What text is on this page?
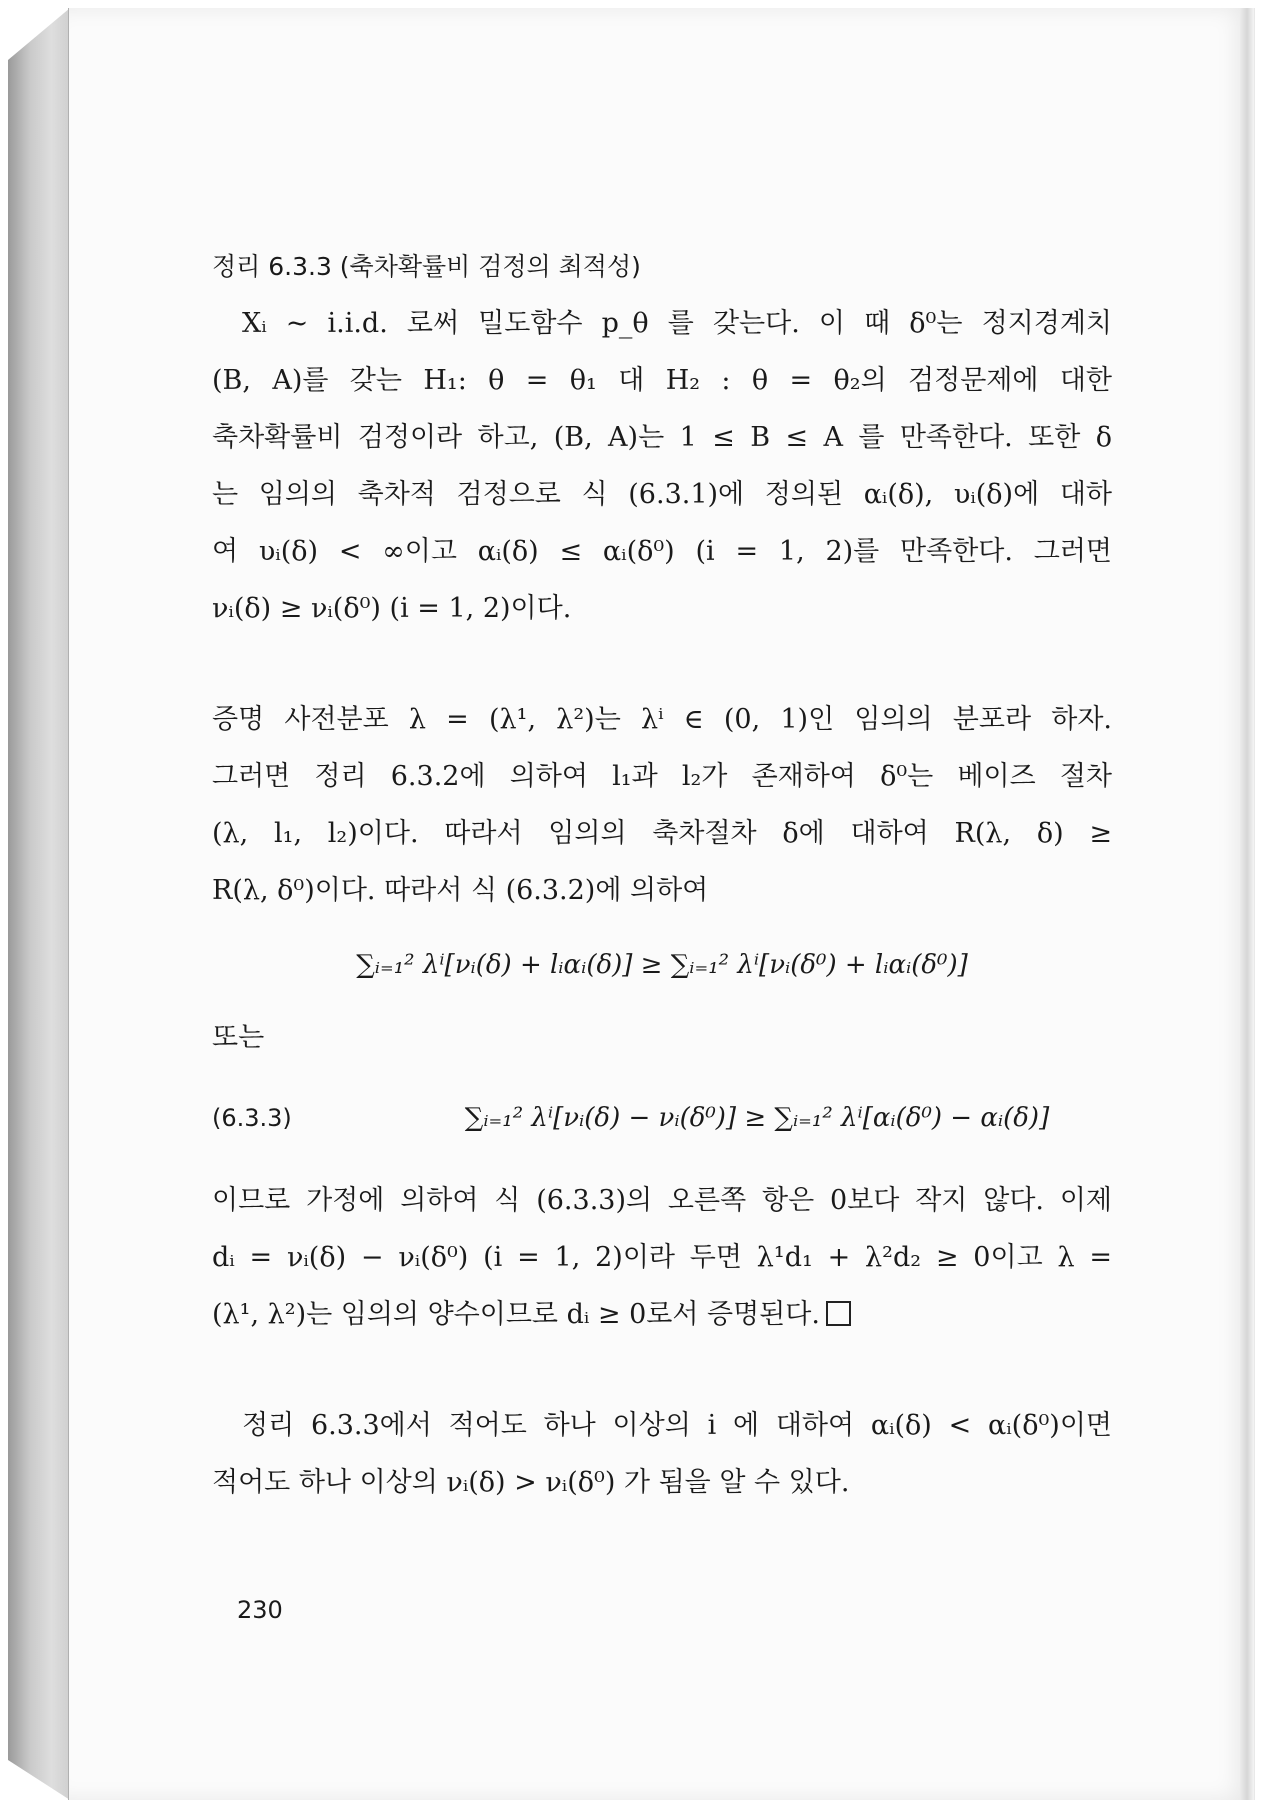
정리 6.3.3 (축차확률비 검정의 최적성)

Xᵢ ~ i.i.d. 로써 밀도함수 p_θ 를 갖는다. 이 때 δ⁰는 정지경계치

(B, A)를 갖는 H₁: θ = θ₁ 대 H₂ : θ = θ₂의 검정문제에 대한

축차확률비 검정이라 하고, (B, A)는 1 ≤ B ≤ A 를 만족한다. 또한 δ

는 임의의 축차적 검정으로 식 (6.3.1)에 정의된 αᵢ(δ), υᵢ(δ)에 대하

여 υᵢ(δ) < ∞이고 αᵢ(δ) ≤ αᵢ(δ⁰) (i = 1, 2)를 만족한다. 그러면

νᵢ(δ) ≥ νᵢ(δ⁰) (i = 1, 2)이다.

증명 사전분포 λ = (λ¹, λ²)는 λⁱ ∈ (0, 1)인 임의의 분포라 하자.

그러면 정리 6.3.2에 의하여 l₁과 l₂가 존재하여 δ⁰는 베이즈 절차

(λ, l₁, l₂)이다. 따라서 임의의 축차절차 δ에 대하여 R(λ, δ) ≥

R(λ, δ⁰)이다. 따라서 식 (6.3.2)에 의하여

∑ᵢ₌₁² λⁱ[νᵢ(δ) + lᵢαᵢ(δ)] ≥ ∑ᵢ₌₁² λⁱ[νᵢ(δ⁰) + lᵢαᵢ(δ⁰)]

또는

(6.3.3)	∑ᵢ₌₁² λⁱ[νᵢ(δ) − νᵢ(δ⁰)] ≥ ∑ᵢ₌₁² λⁱ[αᵢ(δ⁰) − αᵢ(δ)]

이므로 가정에 의하여 식 (6.3.3)의 오른쪽 항은 0보다 작지 않다. 이제

dᵢ = νᵢ(δ) − νᵢ(δ⁰) (i = 1, 2)이라 두면 λ¹d₁ + λ²d₂ ≥ 0이고 λ =

(λ¹, λ²)는 임의의 양수이므로 dᵢ ≥ 0로서 증명된다.

정리 6.3.3에서 적어도 하나 이상의 i 에 대하여 αᵢ(δ) < αᵢ(δ⁰)이면

적어도 하나 이상의 νᵢ(δ) > νᵢ(δ⁰) 가 됨을 알 수 있다.

230
